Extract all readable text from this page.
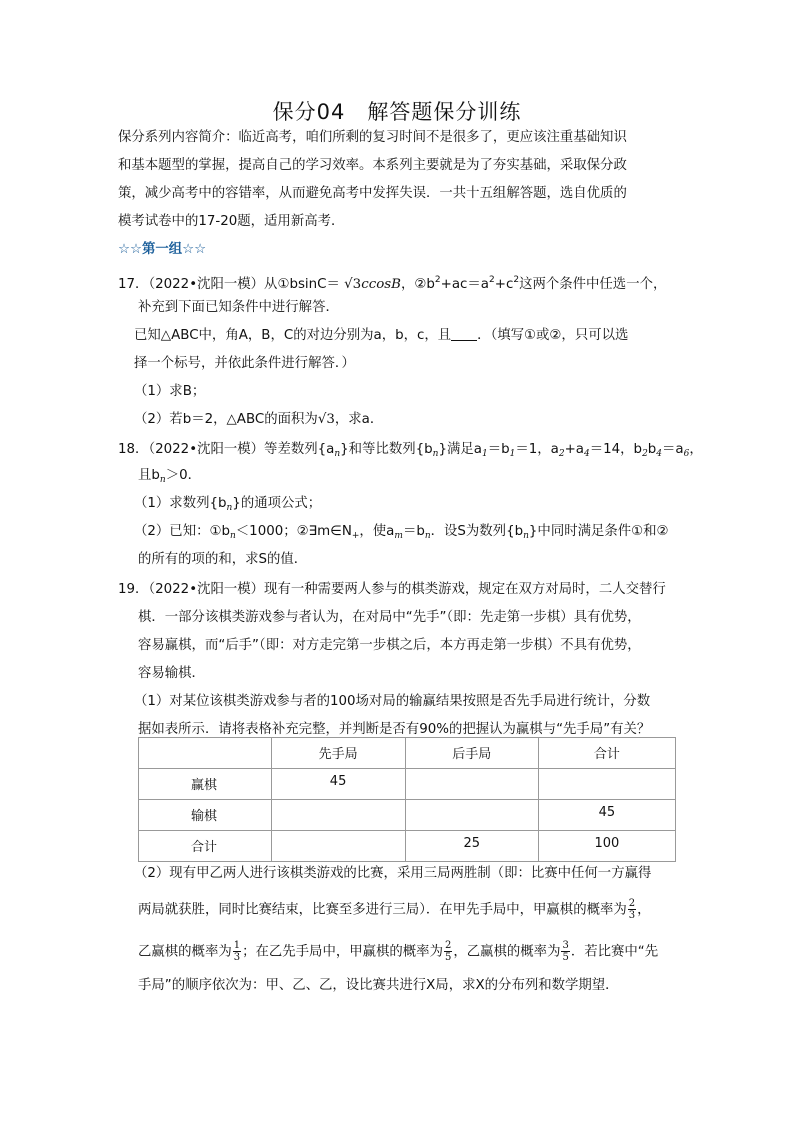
保分04　解答题保分训练
保分系列内容简介：临近高考，咱们所剩的复习时间不是很多了，更应该注重基础知识
和基本题型的掌握，提高自己的学习效率。本系列主要就是为了夯实基础，采取保分政
策，减少高考中的容错率，从而避免高考中发挥失误．一共十五组解答题，选自优质的
模考试卷中的17-20题，适用新高考．
☆☆第一组☆☆
17．（2022•沈阳一模）从①bsinC＝ √3ccosB，$②b^2+ac=a^2+c^2$这两个条件中任选一个，
补充到下面已知条件中进行解答．
已知△ABC中，角A，B，C的对边分别为a，b，c，且 ．（填写①或②，只可以选
择一个标号，并依此条件进行解答．）
（1）求B；
（2）若b＝2，△ABC的面积为√3，求a．
18．（2022•沈阳一模）等差数列$\{a_n\}$和等比数列$\{b_n\}$满足$a_1=b_1=1$，$a_2+a_4=14$，$b_2b_4=a_6$，
且$b_n>0$．
（1）求数列$\{b_n\}$的通项公式；
（2）已知：$①b_n<1000$；$②\exists m\in N_+$，使$a_m=b_n$．设S为数列$\{b_n\}$中同时满足条件①和②
的所有的项的和，求S的值．
19．（2022•沈阳一模）现有一种需要两人参与的棋类游戏，规定在双方对局时，二人交替行
棋．一部分该棋类游戏参与者认为，在对局中“先手”（即：先走第一步棋）具有优势，
容易赢棋，而“后手”（即：对方走完第一步棋之后，本方再走第一步棋）不具有优势，
容易输棋．
（1）对某位该棋类游戏参与者的100场对局的输赢结果按照是否先手局进行统计，分数
据如表所示．请将表格补充完整，并判断是否有90%的把握认为赢棋与“先手局”有关？

	先手局	后手局	合计

赢棋	45		

输棋			45

合计		25	100
（2）现有甲乙两人进行该棋类游戏的比赛，采用三局两胜制（即：比赛中任何一方赢得
两局就获胜，同时比赛结束，比赛至多进行三局）．在甲先手局中，甲赢棋的概率为 $\frac{2}{3}$ ，
乙赢棋的概率为 $\frac{1}{3}$ ；在乙先手局中，甲赢棋的概率为 $\frac{2}{5}$ ，乙赢棋的概率为 $\frac{3}{5}$ ．若比赛中“先
手局”的顺序依次为：甲、乙、乙，设比赛共进行X局，求X的分布列和数学期望．
